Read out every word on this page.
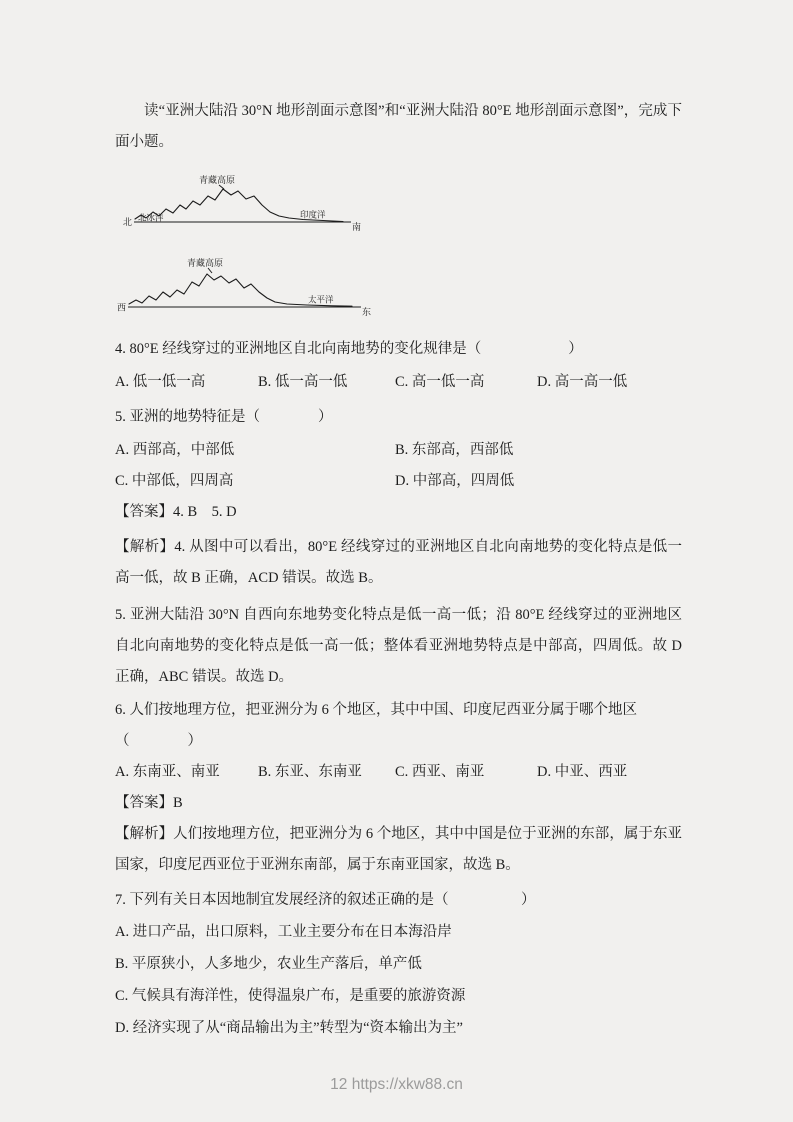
读“亚洲大陆沿 30°N 地形剖面示意图”和“亚洲大陆沿 80°E 地形剖面示意图”，完成下面小题。

青藏高原
北 北冰洋	印度洋
南
青藏高原
西
太平洋
东
4. 80°E 经线穿过的亚洲地区自北向南地势的变化规律是（　　　　　　）
A. 低一低一高	B. 低一高一低	C. 高一低一高	D. 高一高一低
5. 亚洲的地势特征是（　　　　）
A. 西部高，中部低	B. 东部高，西部低
C. 中部低，四周高	D. 中部高，四周低
【答案】4. B　5. D

【解析】4. 从图中可以看出，80°E 经线穿过的亚洲地区自北向南地势的变化特点是低一高一低，故 B 正确，ACD 错误。故选 B。

5. 亚洲大陆沿 30°N 自西向东地势变化特点是低一高一低；沿 80°E 经线穿过的亚洲地区自北向南地势的变化特点是低一高一低；整体看亚洲地势特点是中部高，四周低。故 D 正确，ABC 错误。故选 D。

6. 人们按地理方位，把亚洲分为 6 个地区，其中中国、印度尼西亚分属于哪个地区
（　　　　）
A. 东南亚、南亚	B. 东亚、东南亚	C. 西亚、南亚	D. 中亚、西亚
【答案】B

【解析】人们按地理方位，把亚洲分为 6 个地区，其中中国是位于亚洲的东部，属于东亚国家，印度尼西亚位于亚洲东南部，属于东南亚国家，故选 B。

7. 下列有关日本因地制宜发展经济的叙述正确的是（　　　　　）
A. 进口产品，出口原料，工业主要分布在日本海沿岸
B. 平原狭小，人多地少，农业生产落后，单产低
C. 气候具有海洋性，使得温泉广布，是重要的旅游资源
D. 经济实现了从“商品输出为主”转型为“资本输出为主”
12 https://xkw88.cn
